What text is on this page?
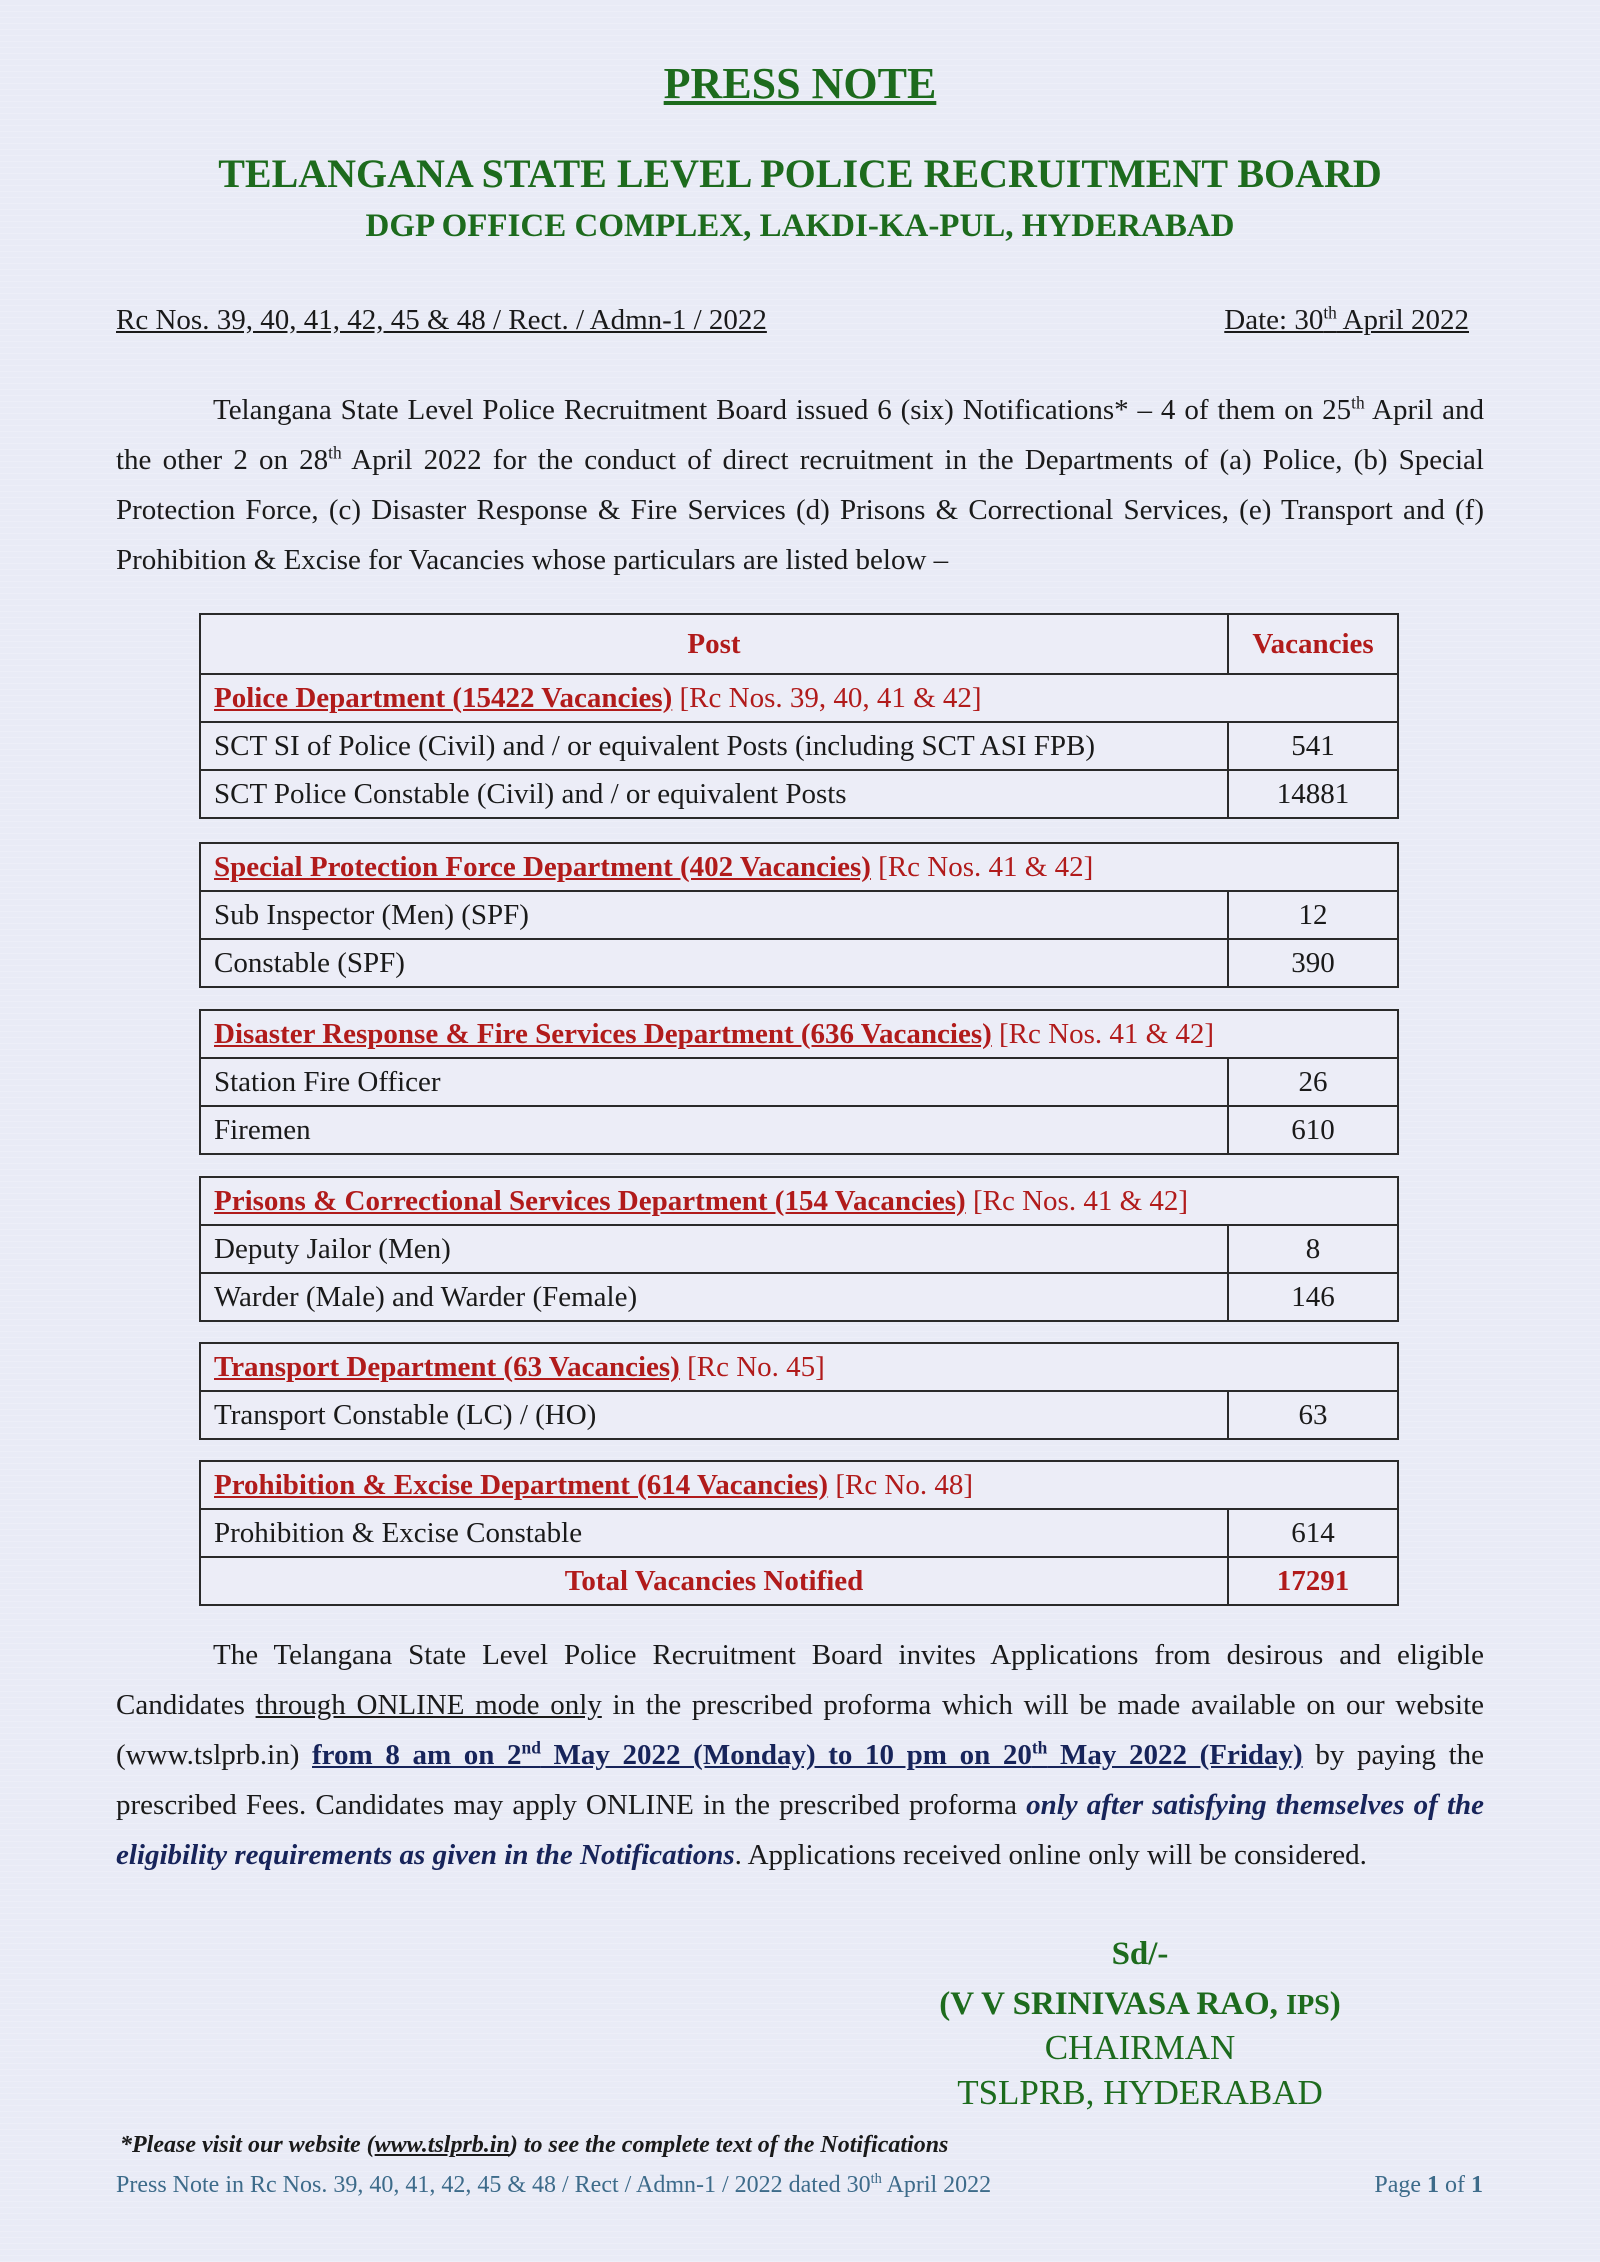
PRESS NOTE
TELANGANA STATE LEVEL POLICE RECRUITMENT BOARD
DGP OFFICE COMPLEX, LAKDI-KA-PUL, HYDERABAD
Rc Nos. 39, 40, 41, 42, 45 & 48 / Rect. / Admn-1 / 2022	Date: 30th April 2022
Telangana State Level Police Recruitment Board issued 6 (six) Notifications* – 4 of them on 25th April and the other 2 on 28th April 2022 for the conduct of direct recruitment in the Departments of (a) Police, (b) Special Protection Force, (c) Disaster Response & Fire Services (d) Prisons & Correctional Services, (e) Transport and (f) Prohibition & Excise for Vacancies whose particulars are listed below –
Post	Vacancies
Police Department (15422 Vacancies) [Rc Nos. 39, 40, 41 & 42]	
SCT SI of Police (Civil) and / or equivalent Posts (including SCT ASI FPB)	541
SCT Police Constable (Civil) and / or equivalent Posts	14881
Special Protection Force Department (402 Vacancies) [Rc Nos. 41 & 42]	
Sub Inspector (Men) (SPF)	12
Constable (SPF)	390
Disaster Response & Fire Services Department (636 Vacancies) [Rc Nos. 41 & 42]	
Station Fire Officer	26
Firemen	610
Prisons & Correctional Services Department (154 Vacancies) [Rc Nos. 41 & 42]	
Deputy Jailor (Men)	8
Warder (Male) and Warder (Female)	146
Transport Department (63 Vacancies) [Rc No. 45]
Transport Constable (LC) / (HO)	63
Prohibition & Excise Department (614 Vacancies) [Rc No. 48]	
Prohibition & Excise Constable	614
Total Vacancies Notified	17291
The Telangana State Level Police Recruitment Board invites Applications from desirous and eligible Candidates through ONLINE mode only in the prescribed proforma which will be made available on our website (www.tslprb.in) from 8 am on 2nd May 2022 (Monday) to 10 pm on 20th May 2022 (Friday) by paying the prescribed Fees. Candidates may apply ONLINE in the prescribed proforma only after satisfying themselves of the eligibility requirements as given in the Notifications. Applications received online only will be considered.
Sd/-
(V V SRINIVASA RAO, IPS)
CHAIRMAN
TSLPRB, HYDERABAD
*Please visit our website (www.tslprb.in) to see the complete text of the Notifications
Press Note in Rc Nos. 39, 40, 41, 42, 45 & 48 / Rect / Admn-1 / 2022 dated 30th April 2022	Page 1 of 1
